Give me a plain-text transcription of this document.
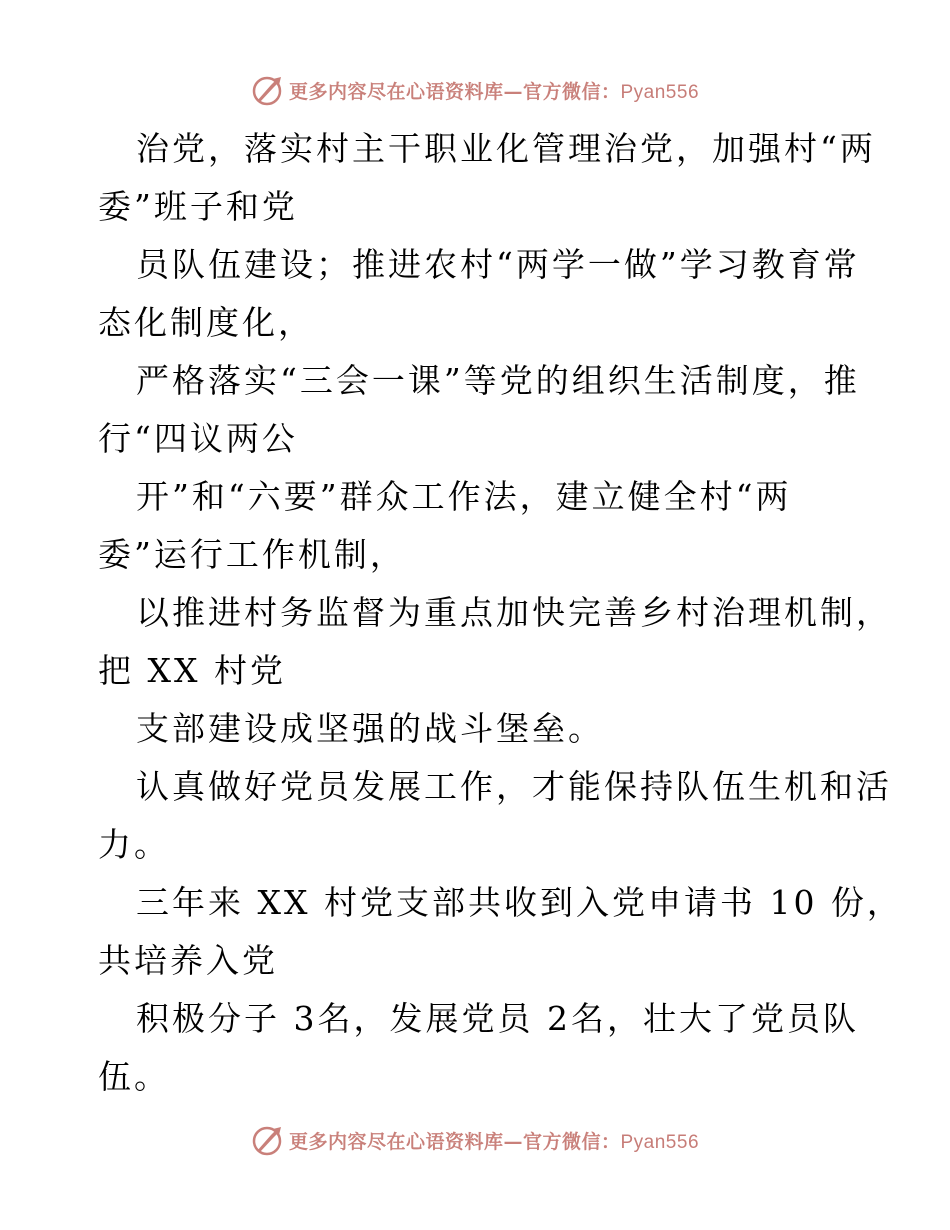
更多内容尽在心语资料库—官方微信：Pyan556

治党，落实村主干职业化管理治党，加强村“两
委”班子和党

员队伍建设；推进农村“两学一做”学习教育常
态化制度化，

严格落实“三会一课”等党的组织生活制度，推
行“四议两公

开”和“六要”群众工作法，建立健全村“两
委”运行工作机制，

以推进村务监督为重点加快完善乡村治理机制，
把 XX 村党

支部建设成坚强的战斗堡垒。

认真做好党员发展工作，才能保持队伍生机和活
力。

三年来 XX 村党支部共收到入党申请书 10 份，
共培养入党

积极分子 3名，发展党员 2名，壮大了党员队
伍。

更多内容尽在心语资料库—官方微信：Pyan556
